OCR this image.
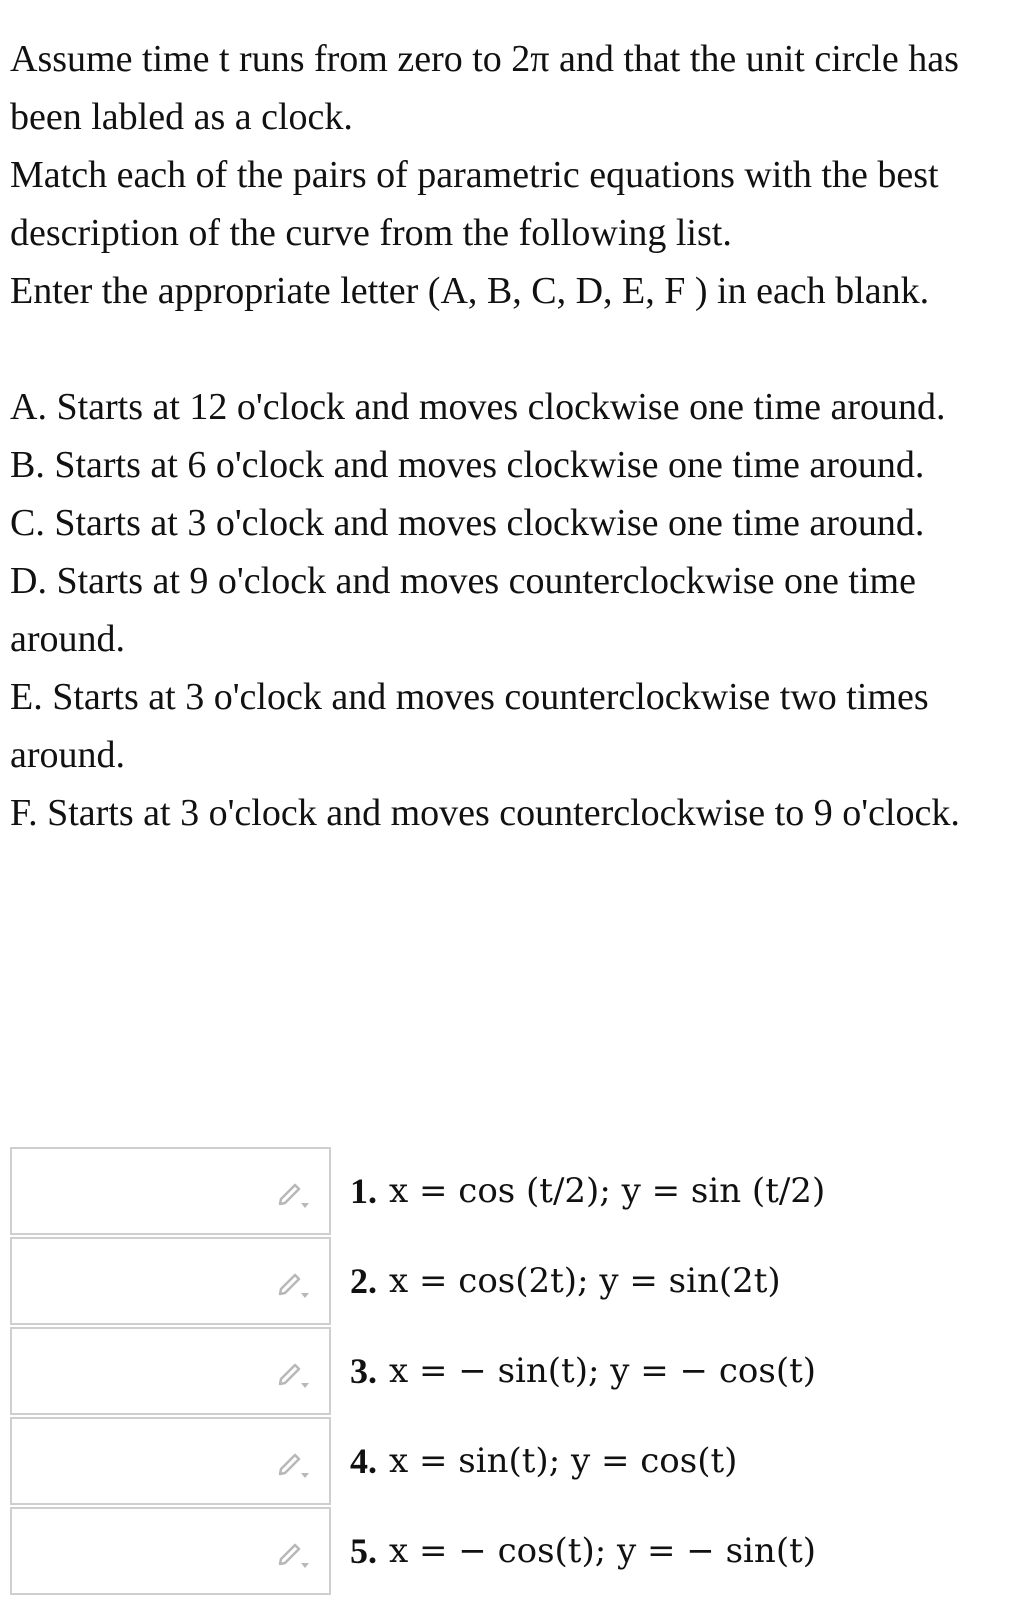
Assume time t runs from zero to 2π and that the unit circle has been labled as a clock.

Match each of the pairs of parametric equations with the best description of the curve from the following list.

Enter the appropriate letter (A, B, C, D, E, F ) in each blank.

A. Starts at 12 o'clock and moves clockwise one time around.

B. Starts at 6 o'clock and moves clockwise one time around.

C. Starts at 3 o'clock and moves clockwise one time around.

D. Starts at 9 o'clock and moves counterclockwise one time around.

E. Starts at 3 o'clock and moves counterclockwise two times around.

F. Starts at 3 o'clock and moves counterclockwise to 9 o'clock.

1. x = cos (t/2); y = sin (t/2)
2. x = cos(2t); y = sin(2t)
3. x = − sin(t); y = − cos(t)
4. x = sin(t); y = cos(t)
5. x = − cos(t); y = − sin(t)
